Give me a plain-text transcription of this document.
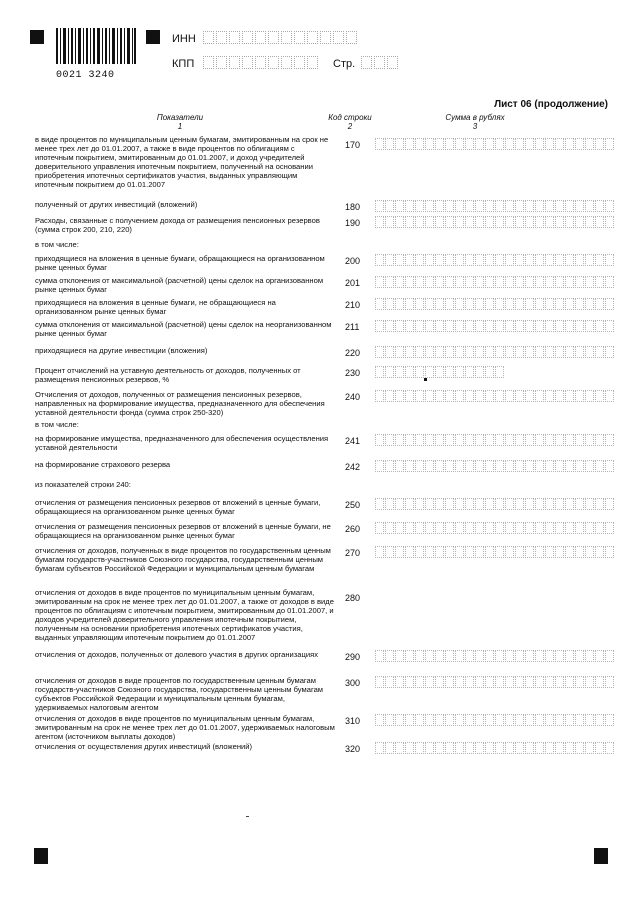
0021 3240
ИНН
КПП	Стр.
Лист 06 (продолжение)
Показатели
1
Код строки
2
Сумма в рублях
3
в виде процентов по муниципальным ценным бумагам, эмитированным на срок не менее трех лет до 01.01.2007, а также в виде процентов по облигациям с ипотечным покрытием, эмитированным до 01.01.2007, и доход учредителей доверительного управления ипотечным покрытием, полученный на основании приобретения ипотечных сертификатов участия, выданных управляющим ипотечным покрытием до 01.01.2007
170
полученный от других инвестиций (вложений)	180
Расходы, связанные с получением дохода от размещения пенсионных резервов (сумма строк 200, 210, 220)
190
в том числе:
приходящиеся на вложения в ценные бумаги, обращающиеся на организованном рынке ценных бумаг
200
сумма отклонения от максимальной (расчетной) цены сделок на организованном рынке ценных бумаг
201
приходящиеся на вложения в ценные бумаги, не обращающиеся на организованном рынке ценных бумаг
210
сумма отклонения от максимальной (расчетной) цены сделок на неорганизованном рынке ценных бумаг
211
приходящиеся на другие инвестиции (вложения)	220
Процент отчислений на уставную деятельность от доходов, полученных от размещения пенсионных резервов, %
230
Отчисления от доходов, полученных от размещения пенсионных резервов, направленных на формирование имущества, предназначенного для обеспечения уставной деятельности фонда (сумма строк 250-320)
240
в том числе:
на формирование имущества, предназначенного для обеспечения осуществления уставной деятельности
241
на формирование страхового резерва	242
из показателей строки 240:
отчисления от размещения пенсионных резервов от вложений в ценные бумаги, обращающиеся на организованном рынке ценных бумаг
250
отчисления от размещения пенсионных резервов от вложений в ценные бумаги, не обращающиеся на организованном рынке ценных бумаг
260
отчисления от доходов, полученных в виде процентов по государственным ценным бумагам государств-участников Союзного государства, государственным ценным бумагам субъектов Российской Федерации и муниципальным ценным бумагам
270
отчисления от доходов в виде процентов по муниципальным ценным бумагам, эмитированным на срок не менее трех лет до 01.01.2007, а также от доходов в виде процентов по облигациям с ипотечным покрытием, эмитированным до 01.01.2007, и доходов учредителей доверительного управления ипотечным покрытием, полученным на основании приобретения ипотечных сертификатов участия, выданных управляющим ипотечным покрытием до 01.01.2007
280
отчисления от доходов, полученных от долевого участия в других организациях	290
отчисления от доходов в виде процентов по государственным ценным бумагам государств-участников Союзного государства, государственным ценным бумагам субъектов Российской Федерации и муниципальным ценным бумагам, удерживаемых налоговым агентом
300
отчисления от доходов в виде процентов по муниципальным ценным бумагам, эмитированным на срок не менее трех лет до 01.01.2007, удерживаемых налоговым агентом (источником выплаты доходов)
310
отчисления от осуществления других инвестиций (вложений)	320
